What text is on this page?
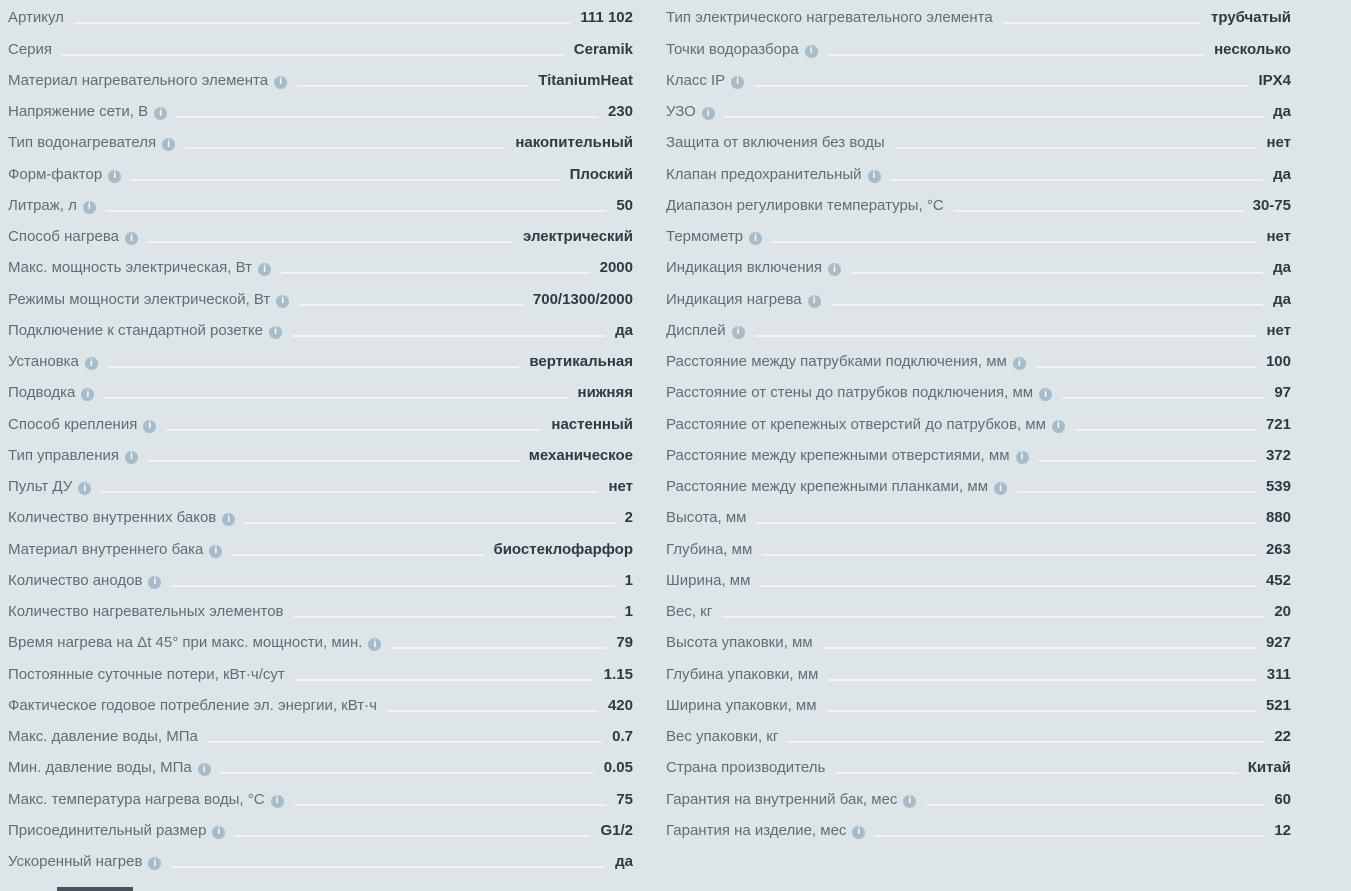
Артикул	111 102
Серия	Ceramik
Материал нагревательного элемента	i	TitaniumHeat
Напряжение сети, В	i	230
Тип водонагревателя	i	накопительный
Форм-фактор	i	Плоский
Литраж, л	i	50
Способ нагрева	i	электрический
Макс. мощность электрическая, Вт	i	2000
Режимы мощности электрической, Вт	i	700/1300/2000
Подключение к стандартной розетке	i	да
Установка	i	вертикальная
Подводка	i	нижняя
Способ крепления	i	настенный
Тип управления	i	механическое
Пульт ДУ	i	нет
Количество внутренних баков	i	2
Материал внутреннего бака	i	биостеклофарфор
Количество анодов	i	1
Количество нагревательных элементов	1
Время нагрева на Δt 45° при макс. мощности, мин.	i	79
Постоянные суточные потери, кВт·ч/сут	1.15
Фактическое годовое потребление эл. энергии, кВт·ч	420
Макс. давление воды, МПа	0.7
Мин. давление воды, МПа	i	0.05
Макс. температура нагрева воды, °С	i	75
Присоединительный размер	i	G1/2
Ускоренный нагрев	i	да
Тип электрического нагревательного элемента	трубчатый
Точки водоразбора	i	несколько
Класс IP	i	IPX4
УЗО	i	да
Защита от включения без воды	нет
Клапан предохранительный	i	да
Диапазон регулировки температуры, °С	30-75
Термометр	i	нет
Индикация включения	i	да
Индикация нагрева	i	да
Дисплей	i	нет
Расстояние между патрубками подключения, мм	i	100
Расстояние от стены до патрубков подключения, мм	i	97
Расстояние от крепежных отверстий до патрубков, мм	i	721
Расстояние между крепежными отверстиями, мм	i	372
Расстояние между крепежными планками, мм	i	539
Высота, мм	880
Глубина, мм	263
Ширина, мм	452
Вес, кг	20
Высота упаковки, мм	927
Глубина упаковки, мм	311
Ширина упаковки, мм	521
Вес упаковки, кг	22
Страна производитель	Китай
Гарантия на внутренний бак, мес	i	60
Гарантия на изделие, мес	i	12
